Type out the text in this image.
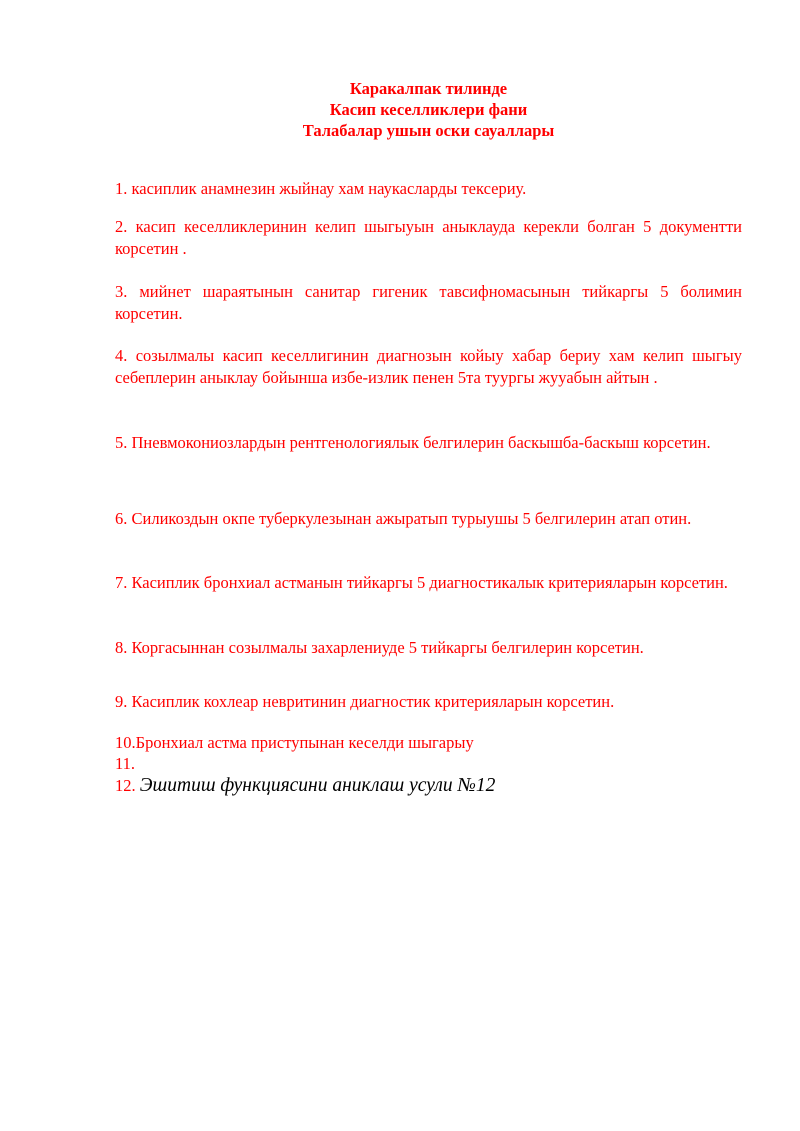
Каракалпак тилинде
Касип кеселликлери фани
Талабалар ушын оски сауаллары
1. касиплик анамнезин жыйнау хам наукасларды тексериу.
2. касип кеселликлеринин келип шыгыуын аныклауда керекли болган 5 документти корсетин .
3. мийнет шараятынын санитар гигеник тавсифномасынын тийкаргы 5 болимин корсетин.
4. созылмалы касип кеселлигинин диагнозын койыу хабар бериу хам келип шыгыу себеплерин аныклау бойынша избе-излик пенен 5та туургы жууабын айтын .
5. Пневмокониозлардын рентгенологиялык белгилерин баскышба-баскыш корсетин.
6. Силикоздын окпе туберкулезынан ажыратып турыушы 5 белгилерин атап отин.
7. Касиплик бронхиал астманын тийкаргы 5 диагностикалык критерияларын корсетин.
8. Коргасыннан созылмалы захарлениуде 5 тийкаргы белгилерин корсетин.
9. Касиплик кохлеар невритинин диагностик критерияларын корсетин.
10.Бронхиал астма приступынан кеселди шыгарыу
11.
12. Эшитиш функциясини аниклаш усули №12
